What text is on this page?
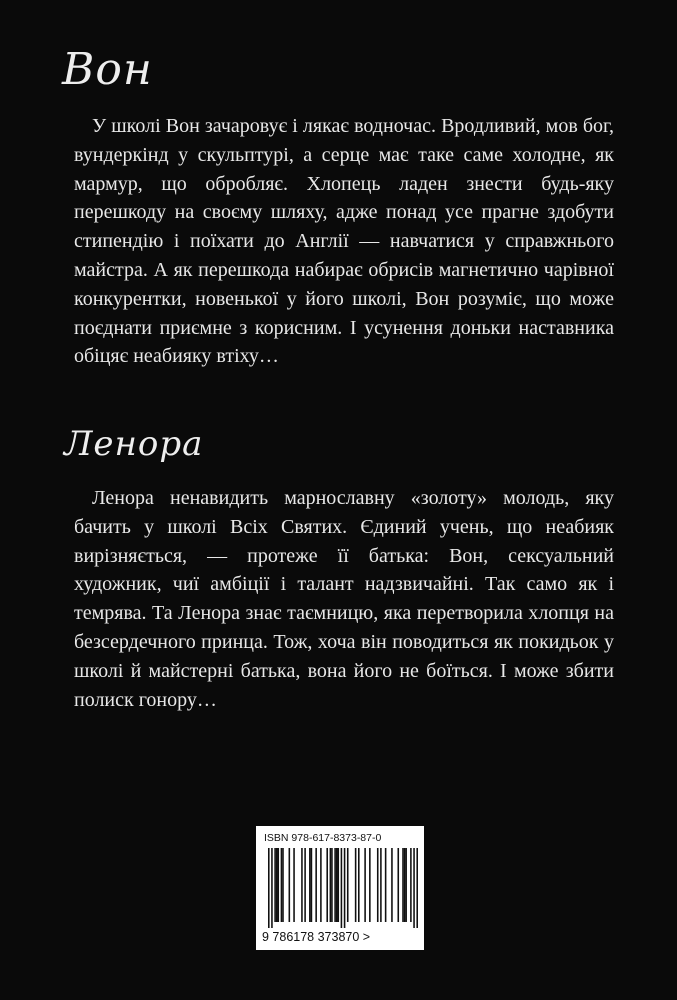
Вон

У школі Вон зачаровує і лякає водночас. Вродливий, мов бог, вундеркінд у скульптурі, а серце має таке саме холодне, як мармур, що обробляє. Хлопець ладен знести будь-яку перешкоду на своєму шляху, адже понад усе прагне здобути стипендію і поїхати до Англії — навчатися у справжнього майстра. А як перешкода набирає обрисів магнетично чарівної конкурентки, новенької у його школі, Вон розуміє, що може поєднати приємне з корисним. І усунення доньки наставника обіцяє неабияку втіху…

Ленора

Ленора ненавидить марнославну «золоту» молодь, яку бачить у школі Всіх Святих. Єдиний учень, що неабияк вирізняється, — протеже її батька: Вон, сексуальний художник, чиї амбіції і талант надзвичайні. Так само як і темрява. Та Ленора знає таємницю, яка перетворила хлопця на безсердечного принца. Тож, хоча він поводиться як покидьок у школі й майстерні батька, вона його не боїться. І може збити полиск гонору…

ISBN 978-617-8373-87-0
9 786178 373870 >
